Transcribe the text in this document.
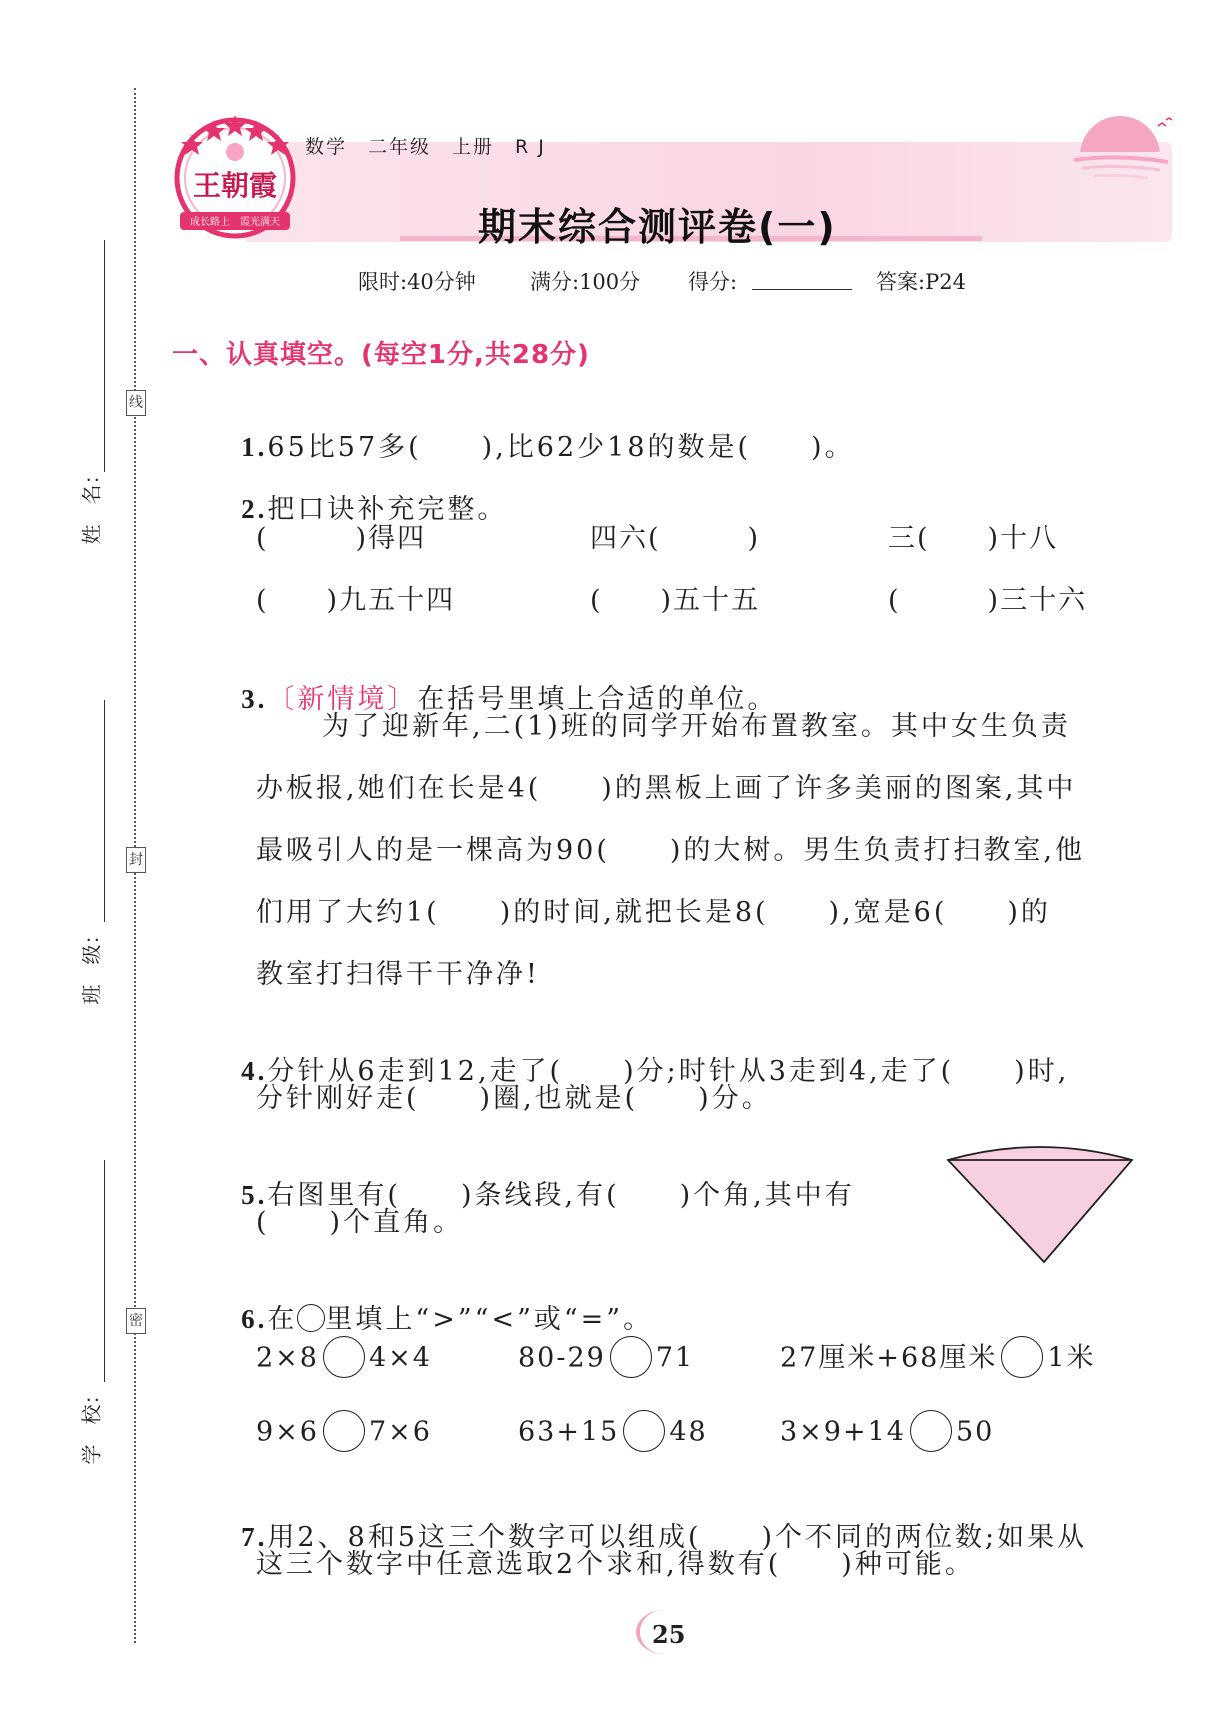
线
封
密
姓　名：
班　级：
学　校：
王朝霞
成长路上　霞光满天
数学　二年级　上册　R J
期末综合测评卷(一)
限时:40分钟	满分:100分 得分:	答案:P24
一、认真填空。(每空1分,共28分)

1.65比57多(　　),比62少18的数是(　　)。

2.把口诀补充完整。

(　　　)得四	四六(　　　)	三(　　)十八
(　　)九五十四	(　　)五十五	(　　　)三十六

3.〔新情境〕在括号里填上合适的单位。

为了迎新年,二(1)班的同学开始布置教室。其中女生负责
办板报,她们在长是4(　　)的黑板上画了许多美丽的图案,其中
最吸引人的是一棵高为90(　　)的大树。男生负责打扫教室,他
们用了大约1(　　)的时间,就把长是8(　　),宽是6(　　)的
教室打扫得干干净净!

4.分针从6走到12,走了(　　)分;时针从3走到4,走了(　　)时,

分针刚好走(　　)圈,也就是(　　)分。

5.右图里有(　　)条线段,有(　　)个角,其中有

(　　)个直角。

6.在 里填上“>”“<”或“=”。

2×8 4×4	80-29 71	27厘米+68厘米 1米
9×6 7×6	63+15 48	3×9+14 50

7.用2、8和5这三个数字可以组成(　　)个不同的两位数;如果从

这三个数字中任意选取2个求和,得数有(　　)种可能。
25
